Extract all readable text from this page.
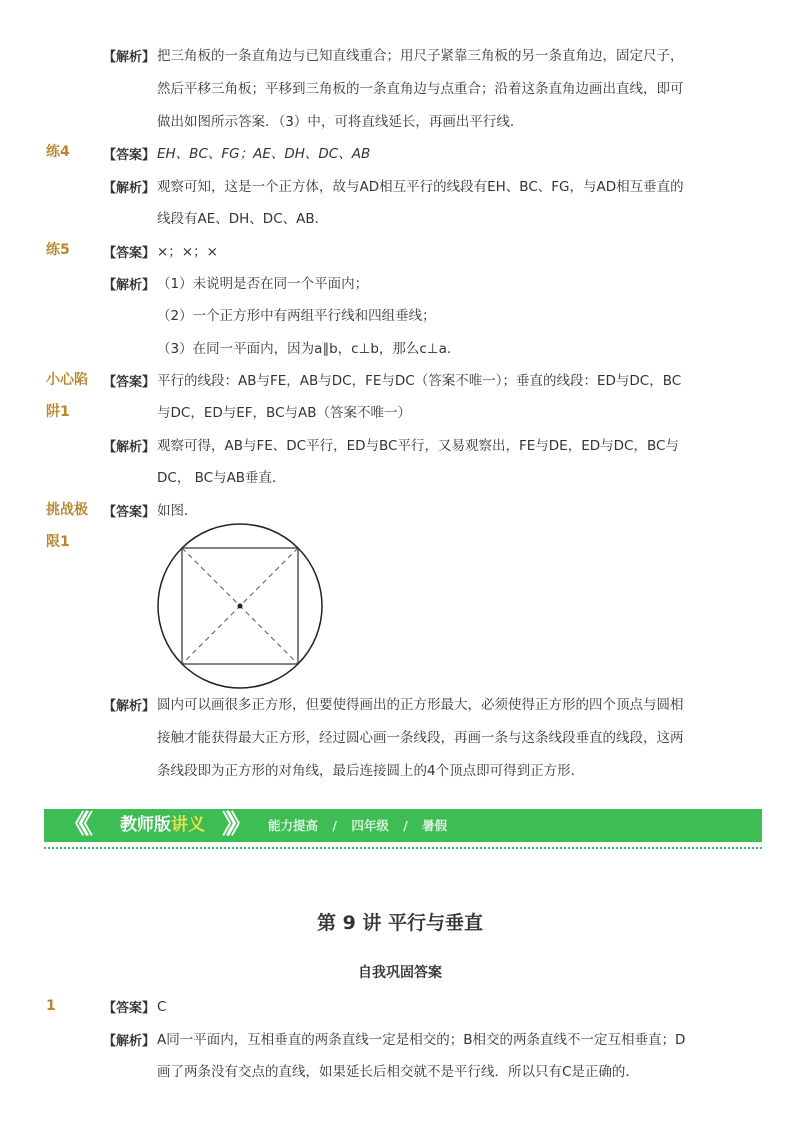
【解析】 把三角板的一条直角边与已知直线重合；用尺子紧靠三角板的另一条直角边，固定尺子，
然后平移三角板；平移到三角板的一条直角边与点重合；沿着这条直角边画出直线，即可
做出如图所示答案．（3）中，可将直线延长，再画出平行线.
练4	【答案】 EH、BC、FG；AE、DH、DC、AB
【解析】 观察可知，这是一个正方体，故与AD相互平行的线段有EH、BC、FG，与AD相互垂直的
线段有AE、DH、DC、AB．
练5	【答案】 ×；×；×
【解析】 （1）未说明是否在同一个平面内；
（2）一个正方形中有两组平行线和四组垂线；
（3）在同一平面内，因为a∥b，c⊥b，那么c⊥a.
小心陷
阱1
【答案】 平行的线段：AB与FE，AB与DC，FE与DC（答案不唯一）；垂直的线段：ED与DC，BC
与DC，ED与EF，BC与AB（答案不唯一）
【解析】 观察可得，AB与FE、DC平行，ED与BC平行，又易观察出，FE与DE，ED与DC，BC与
DC， BC与AB垂直．
挑战极
限1
【答案】 如图．
【解析】 圆内可以画很多正方形，但要使得画出的正方形最大，必须使得正方形的四个顶点与圆相
接触才能获得最大正方形，经过圆心画一条线段，再画一条与这条线段垂直的线段，这两
条线段即为正方形的对角线，最后连接圆上的4个顶点即可得到正方形．
《《 教师版讲义 》》 能力提高 / 四年级 / 暑假
第 9 讲 平行与垂直
自我巩固答案
1	【答案】 C
【解析】 A同一平面内，互相垂直的两条直线一定是相交的；B相交的两条直线不一定互相垂直；D
画了两条没有交点的直线，如果延长后相交就不是平行线．所以只有C是正确的．
